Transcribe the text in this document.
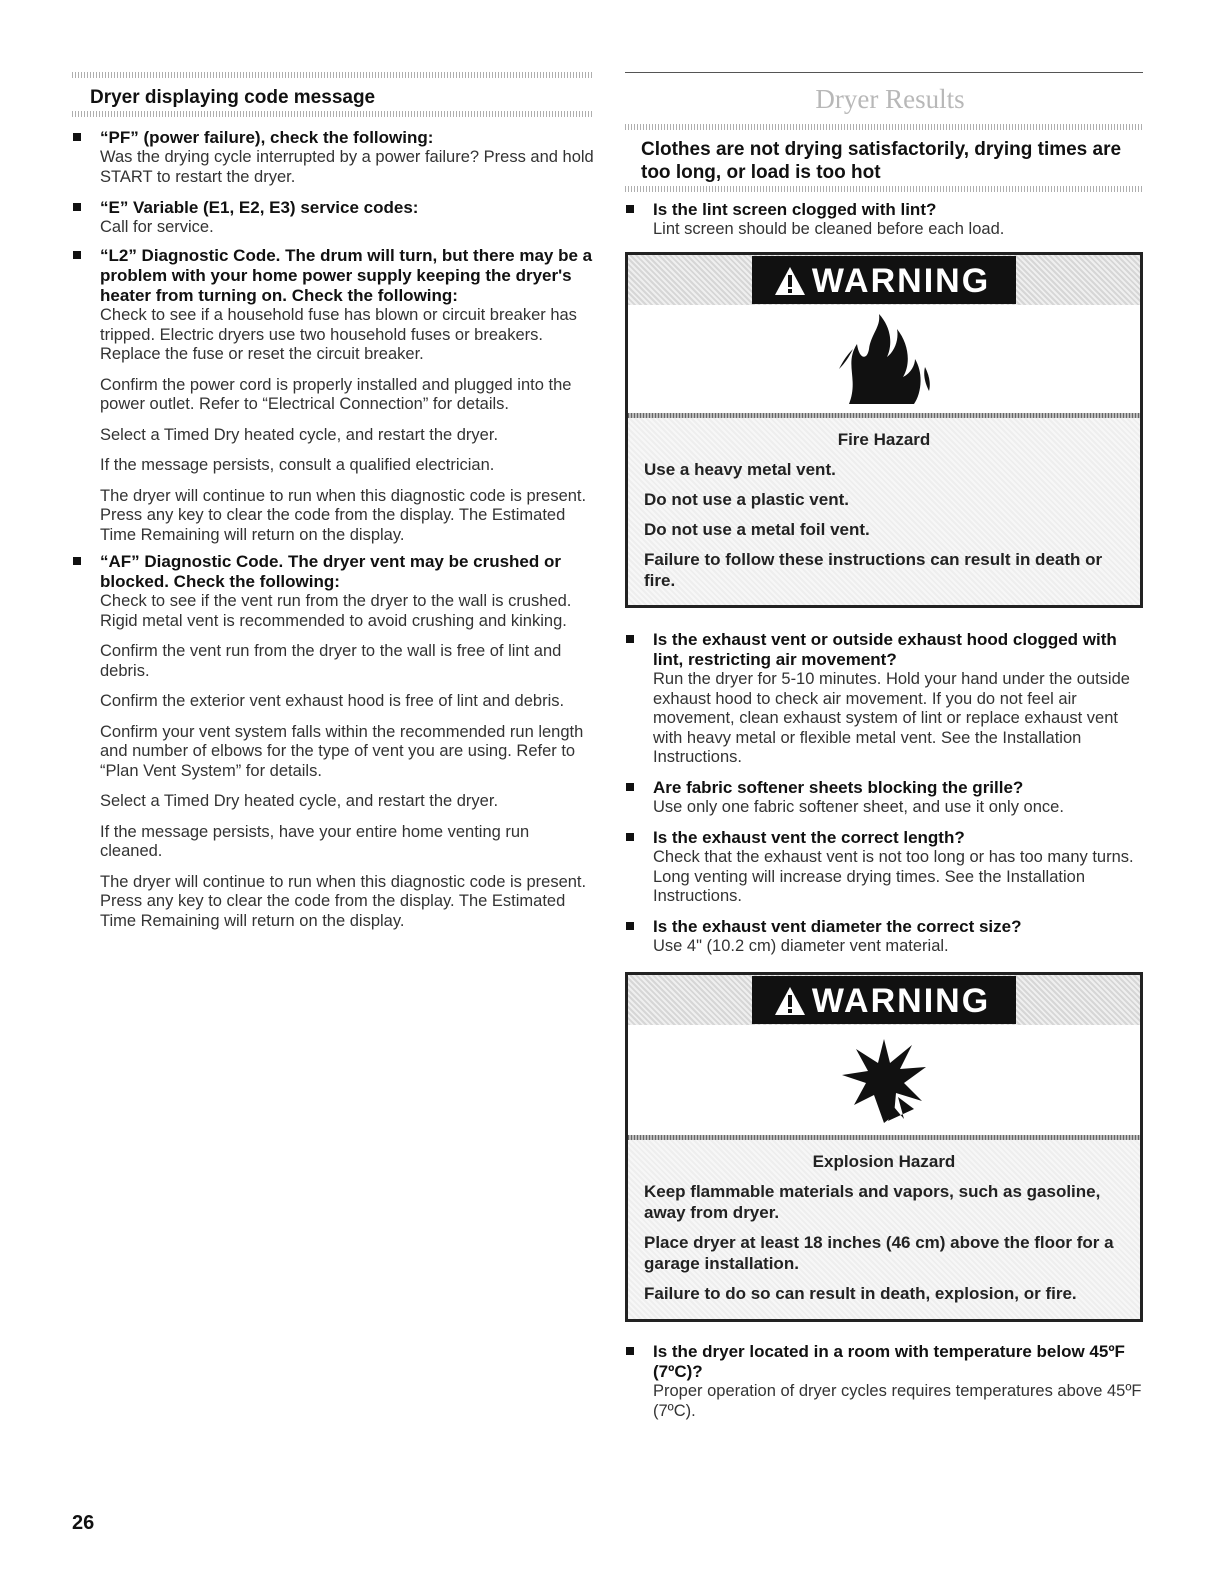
Dryer displaying code message
“PF” (power failure), check the following:
Was the drying cycle interrupted by a power failure? Press and hold START to restart the dryer.
“E” Variable (E1, E2, E3) service codes:
Call for service.
“L2” Diagnostic Code. The drum will turn, but there may be a problem with your home power supply keeping the dryer's heater from turning on. Check the following:
Check to see if a household fuse has blown or circuit breaker has tripped. Electric dryers use two household fuses or breakers. Replace the fuse or reset the circuit breaker.
Confirm the power cord is properly installed and plugged into the power outlet. Refer to “Electrical Connection” for details.
Select a Timed Dry heated cycle, and restart the dryer.
If the message persists, consult a qualified electrician.
The dryer will continue to run when this diagnostic code is present. Press any key to clear the code from the display. The Estimated Time Remaining will return on the display.
“AF” Diagnostic Code. The dryer vent may be crushed or blocked. Check the following:
Check to see if the vent run from the dryer to the wall is crushed. Rigid metal vent is recommended to avoid crushing and kinking.
Confirm the vent run from the dryer to the wall is free of lint and debris.
Confirm the exterior vent exhaust hood is free of lint and debris.
Confirm your vent system falls within the recommended run length and number of elbows for the type of vent you are using. Refer to “Plan Vent System” for details.
Select a Timed Dry heated cycle, and restart the dryer.
If the message persists, have your entire home venting run cleaned.
The dryer will continue to run when this diagnostic code is present. Press any key to clear the code from the display. The Estimated Time Remaining will return on the display.
Dryer Results
Clothes are not drying satisfactorily, drying times are too long, or load is too hot
Is the lint screen clogged with lint?
Lint screen should be cleaned before each load.
WARNING
Fire Hazard
Use a heavy metal vent.
Do not use a plastic vent.
Do not use a metal foil vent.
Failure to follow these instructions can result in death or fire.
Is the exhaust vent or outside exhaust hood clogged with lint, restricting air movement?
Run the dryer for 5-10 minutes. Hold your hand under the outside exhaust hood to check air movement. If you do not feel air movement, clean exhaust system of lint or replace exhaust vent with heavy metal or flexible metal vent. See the Installation Instructions.
Are fabric softener sheets blocking the grille?
Use only one fabric softener sheet, and use it only once.
Is the exhaust vent the correct length?
Check that the exhaust vent is not too long or has too many turns. Long venting will increase drying times. See the Installation Instructions.
Is the exhaust vent diameter the correct size?
Use 4" (10.2 cm) diameter vent material.
WARNING
Explosion Hazard
Keep flammable materials and vapors, such as gasoline, away from dryer.
Place dryer at least 18 inches (46 cm) above the floor for a garage installation.
Failure to do so can result in death, explosion, or fire.
Is the dryer located in a room with temperature below 45ºF (7ºC)?
Proper operation of dryer cycles requires temperatures above 45ºF (7ºC).
26
